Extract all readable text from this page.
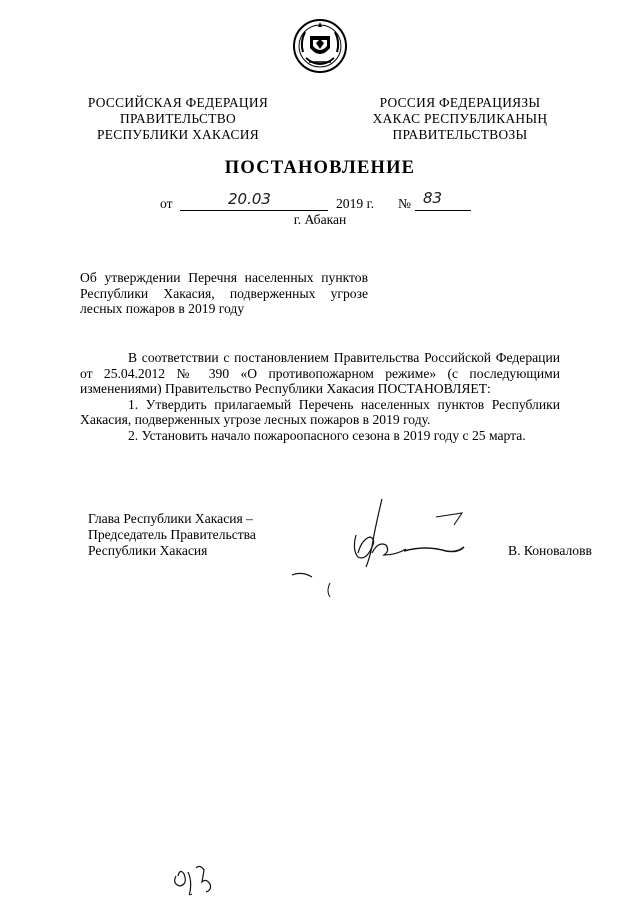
РОССИЙСКАЯ ФЕДЕРАЦИЯ
ПРАВИТЕЛЬСТВО
РЕСПУБЛИКИ ХАКАСИЯ
РОССИЯ ФЕДЕРАЦИЯЗЫ
ХАКАС РЕСПУБЛИКАНЫҢ
ПРАВИТЕЛЬСТВОЗЫ
ПОСТАНОВЛЕНИЕ
от	20.03	2019 г. № 83
г. Абакан
Об утверждении Перечня населенных пунктов Республики Хакасия, подверженных угрозе лесных пожаров в 2019 году

В соответствии с постановлением Правительства Российской Федерации от 25.04.2012 № 390 «О противопожарном режиме» (с последующими изменениями) Правительство Республики Хакасия ПОСТАНОВЛЯЕТ:

1. Утвердить прилагаемый Перечень населенных пунктов Республики Хакасия, подверженных угрозе лесных пожаров в 2019 году.

2. Установить начало пожароопасного сезона в 2019 году с 25 марта.

Глава Республики Хакасия –
Председатель Правительства
Республики Хакасия	В. Коноваловв
